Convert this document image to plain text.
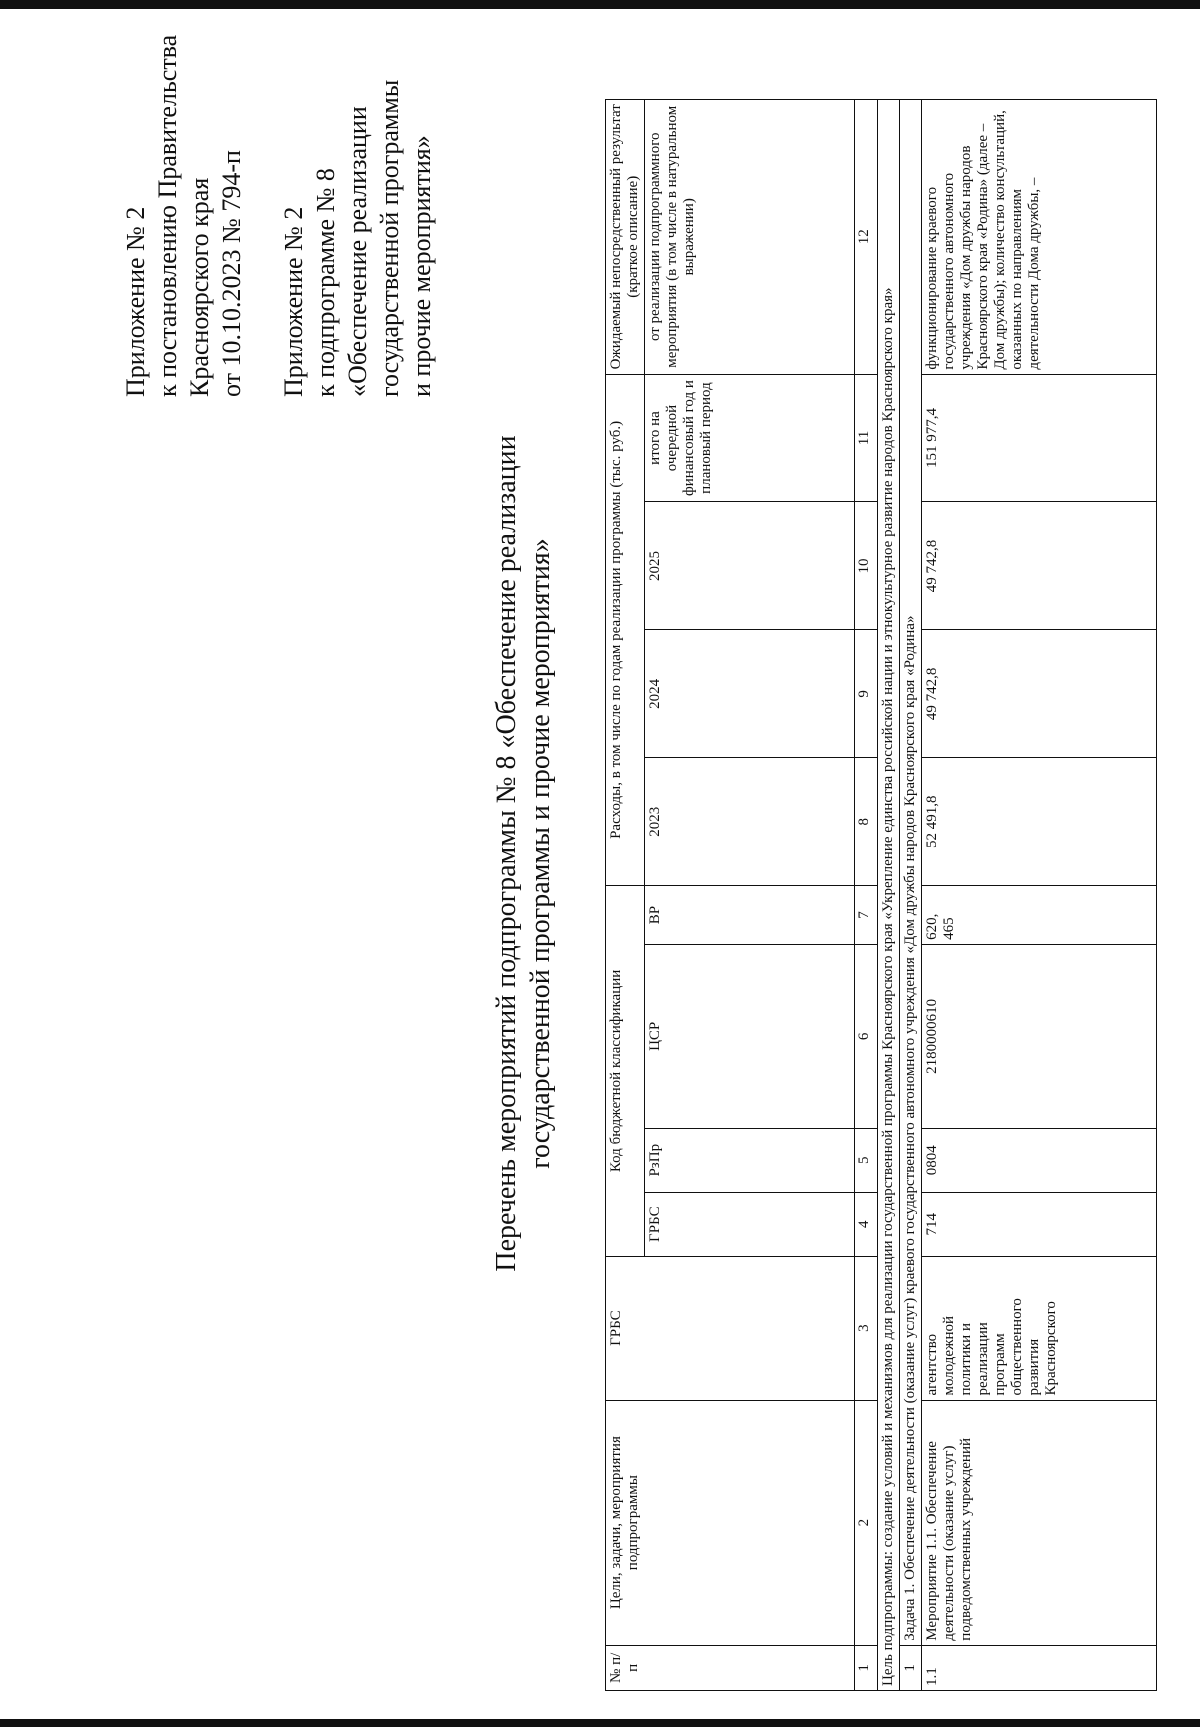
Приложение № 2 к постановлению Правительства Красноярского края от 10.10.2023 № 794-п Приложение № 2 к подпрограмме № 8 «Обеспечение реализации государственной программы и прочие мероприятия»
Перечень мероприятий подпрограммы № 8 «Обеспечение реализации государственной программы и прочие мероприятия»
№ п/п	Цели, задачи, мероприятия подпрограммы	ГРБС	Код бюджетной классификации				Расходы, в том числе по годам реализации программы (тыс. руб.)				Ожидаемый непосредственный результат (краткое описание)
			ГРБС	РзПр	ЦСР	ВР	2023	2024	2025	итого на очередной финансовый год и плановый период	от реализации подпрограммного мероприятия (в том числе в натуральном выражении)
1	2	3	4	5	6	7	8	9	10	11	12
Цель подпрограммы: создание условий и механизмов для реализации государственной программы Красноярского края «Укрепление единства российской нации и этнокультурное развитие народов Красноярского края»											
1	Задача 1. Обеспечение деятельности (оказание услуг) краевого государственного автономного учреждения «Дом дружбы народов Красноярского края «Родина»										
1.1	Мероприятие 1.1. Обеспечение деятельности (оказание услуг) подведомственных учреждений	агентство молодежной политики и реализации программ общественного развития Красноярского	714	0804	2180000610	620, 465	52 491,8	49 742,8	49 742,8	151 977,4	функционирование краевого государственного автономного учреждения «Дом дружбы народов Красноярского края «Родина» (далее – Дом дружбы); количество консультаций, оказанных по направлениям деятельности Дома дружбы, –
